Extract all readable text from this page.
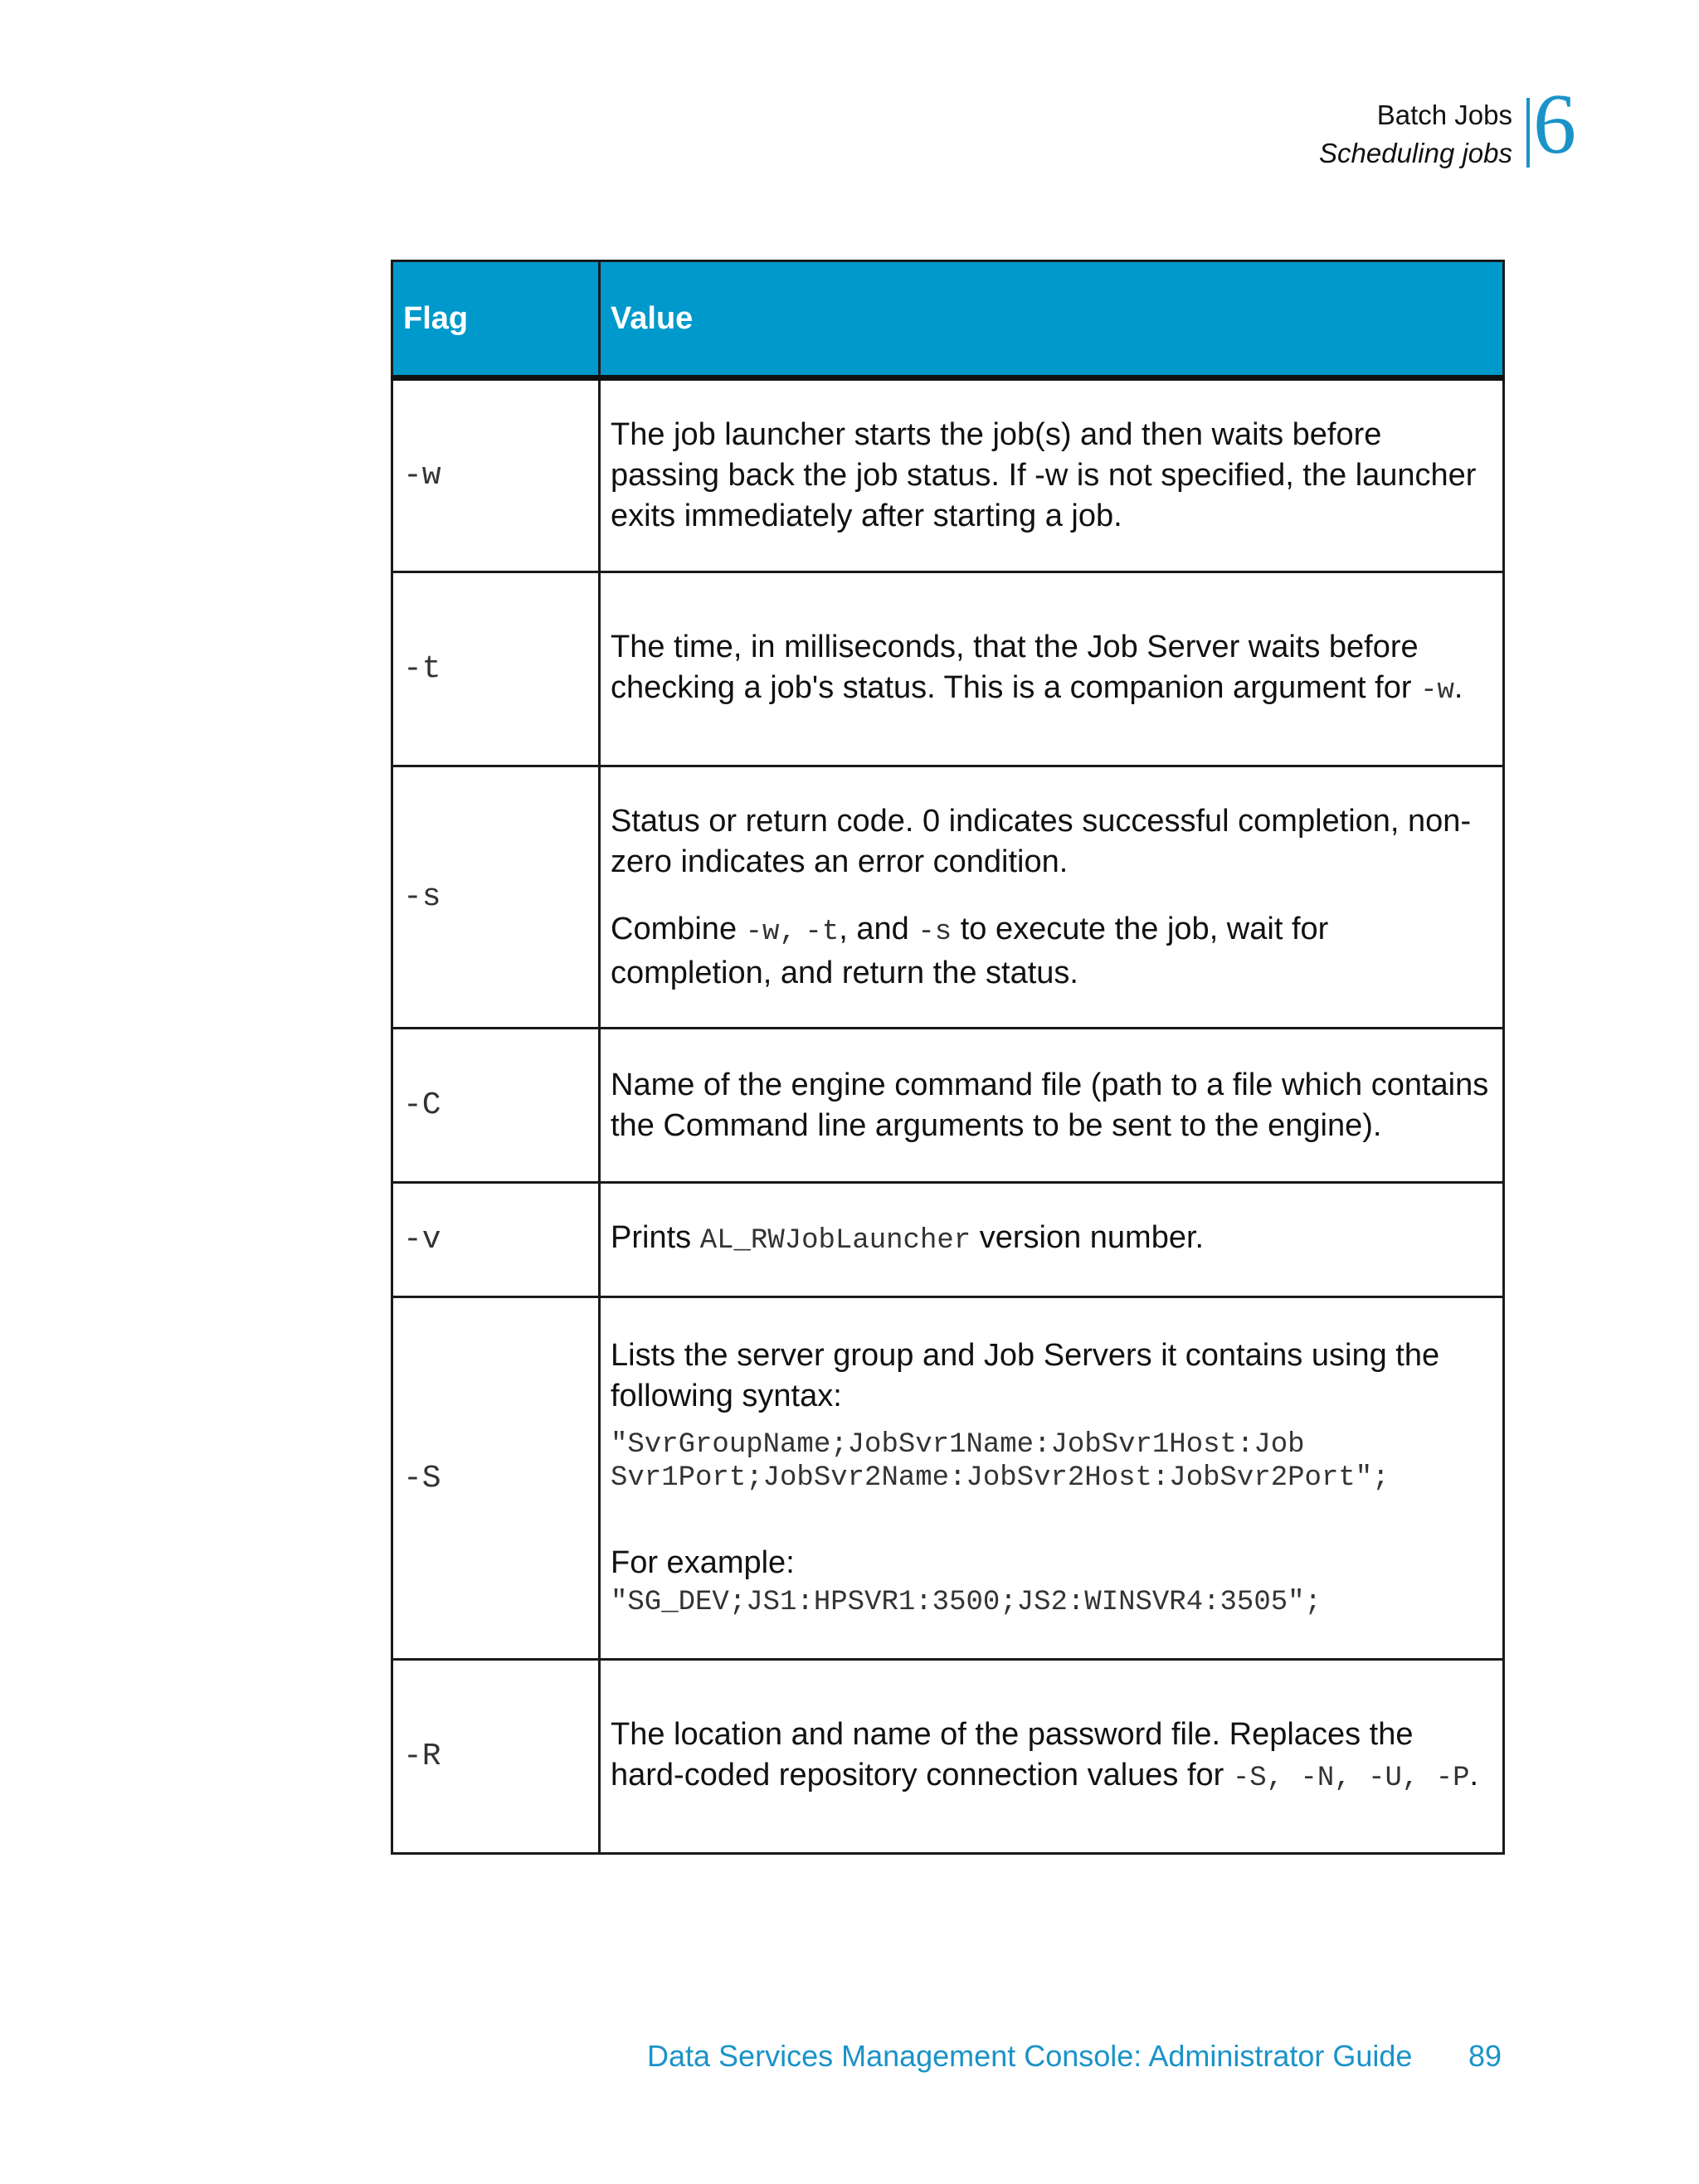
Batch Jobs
Scheduling jobs 6
Flag	Value
-w	The job launcher starts the job(s) and then waits before passing back the job status. If -w is not specified, the launcher exits immediately after starting a job.
-t	The time, in milliseconds, that the Job Server waits before checking a job's status. This is a companion argument for -w.
-s	Status or return code. 0 indicates successful completion, non-zero indicates an error condition.

Combine -w, -t, and -s to execute the job, wait for completion, and return the status.

-C	Name of the engine command file (path to a file which contains the Command line arguments to be sent to the engine).
-v	Prints AL_RWJobLauncher version number.
-S	Lists the server group and Job Servers it contains using the following syntax:

"SvrGroupName;JobSvr1Name:JobSvr1Host:Job
Svr1Port;JobSvr2Name:JobSvr2Host:JobSvr2Port";
For example:
"SG_DEV;JS1:HPSVR1:3500;JS2:WINSVR4:3505";

-R	The location and name of the password file. Replaces the hard-coded repository connection values for -S, -N, -U, -P.
Data Services Management Console: Administrator Guide 89
